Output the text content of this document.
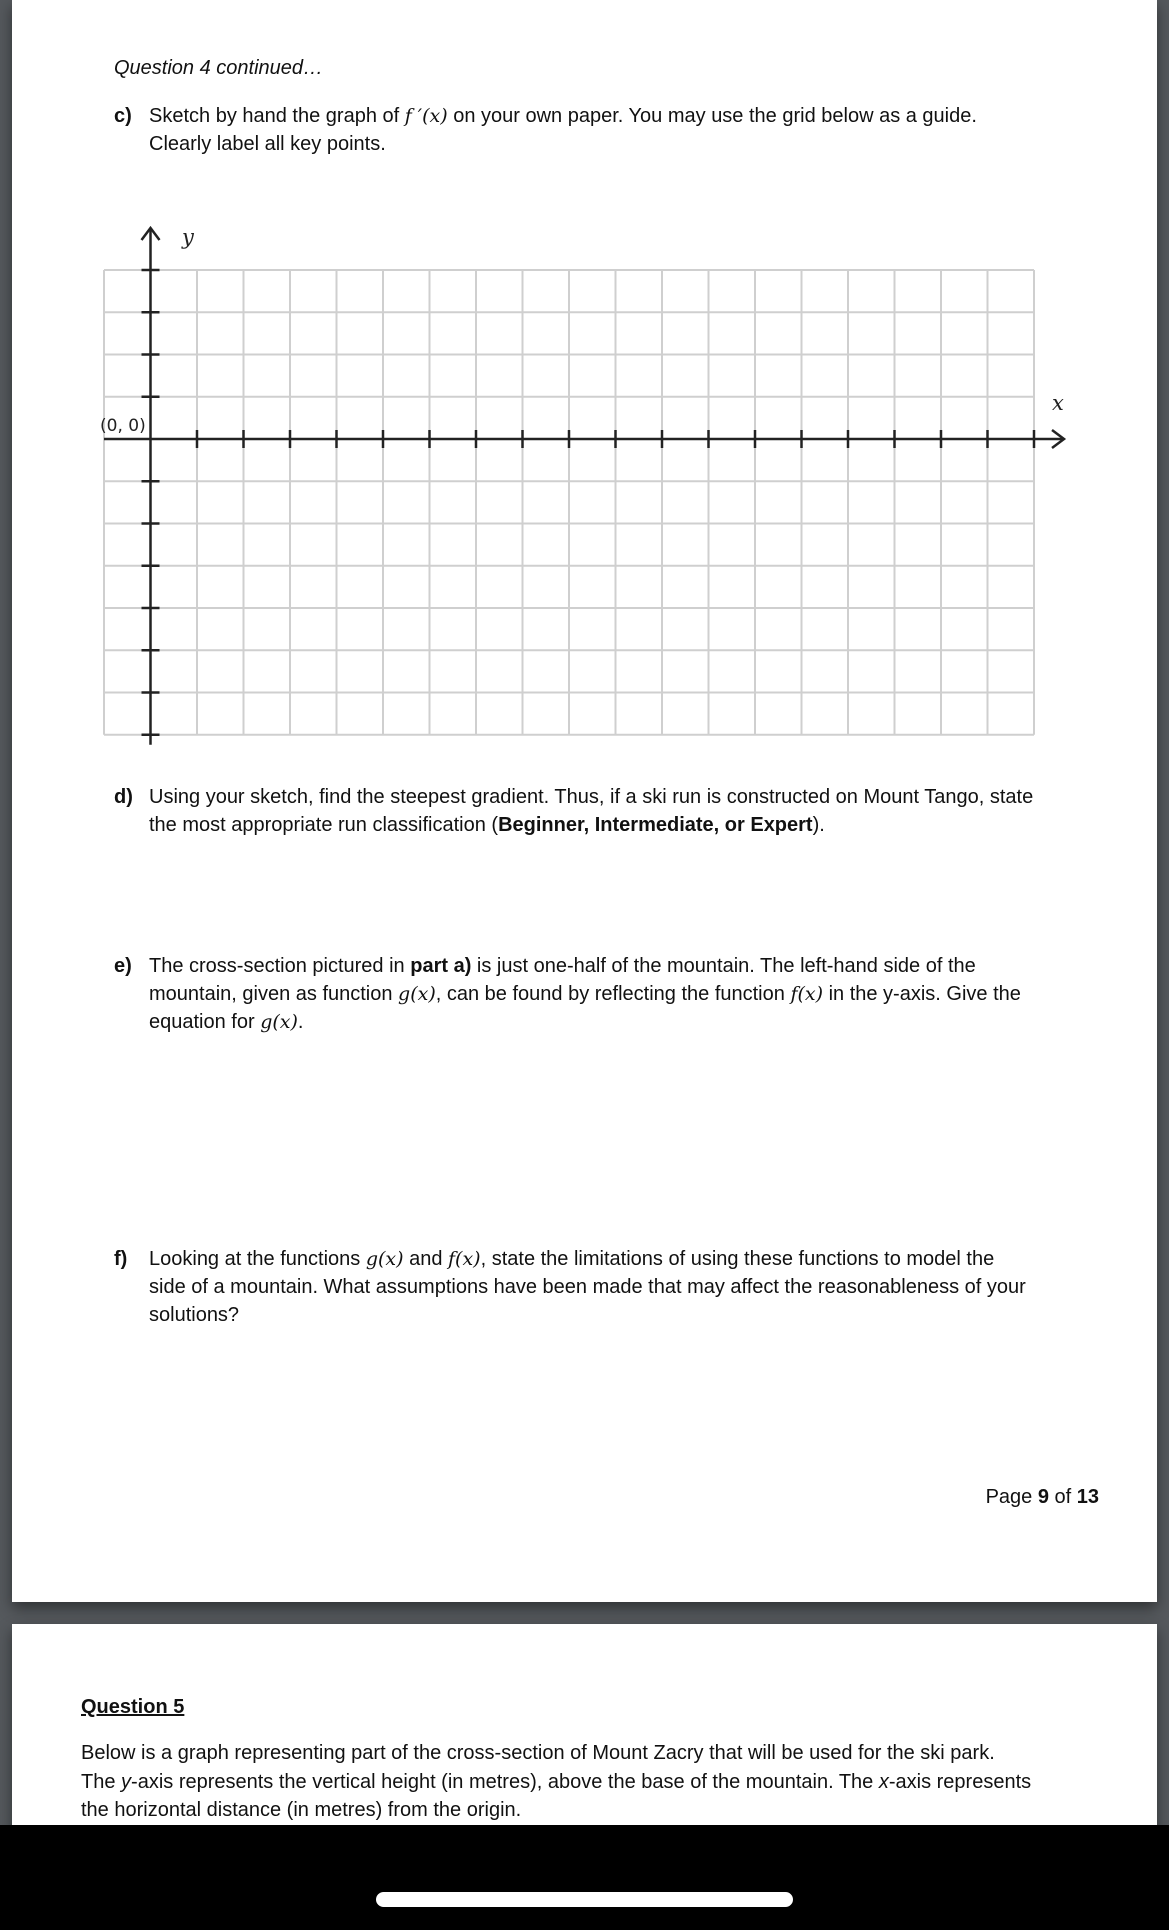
Question 4 continued…
c) Sketch by hand the graph of f ′(x) on your own paper. You may use the grid below as a guide.
Clearly label all key points.
y
x
(0, 0)
d) Using your sketch, find the steepest gradient. Thus, if a ski run is constructed on Mount Tango, state
the most appropriate run classification (Beginner, Intermediate, or Expert).
e) The cross-section pictured in part a) is just one-half of the mountain. The left-hand side of the
mountain, given as function g(x), can be found by reflecting the function f(x) in the y-axis. Give the
equation for g(x).
f) Looking at the functions g(x) and f(x), state the limitations of using these functions to model the
side of a mountain. What assumptions have been made that may affect the reasonableness of your
solutions?
Page 9 of 13
Question 5
Below is a graph representing part of the cross-section of Mount Zacry that will be used for the ski park.
The y-axis represents the vertical height (in metres), above the base of the mountain. The x-axis represents
the horizontal distance (in metres) from the origin.
